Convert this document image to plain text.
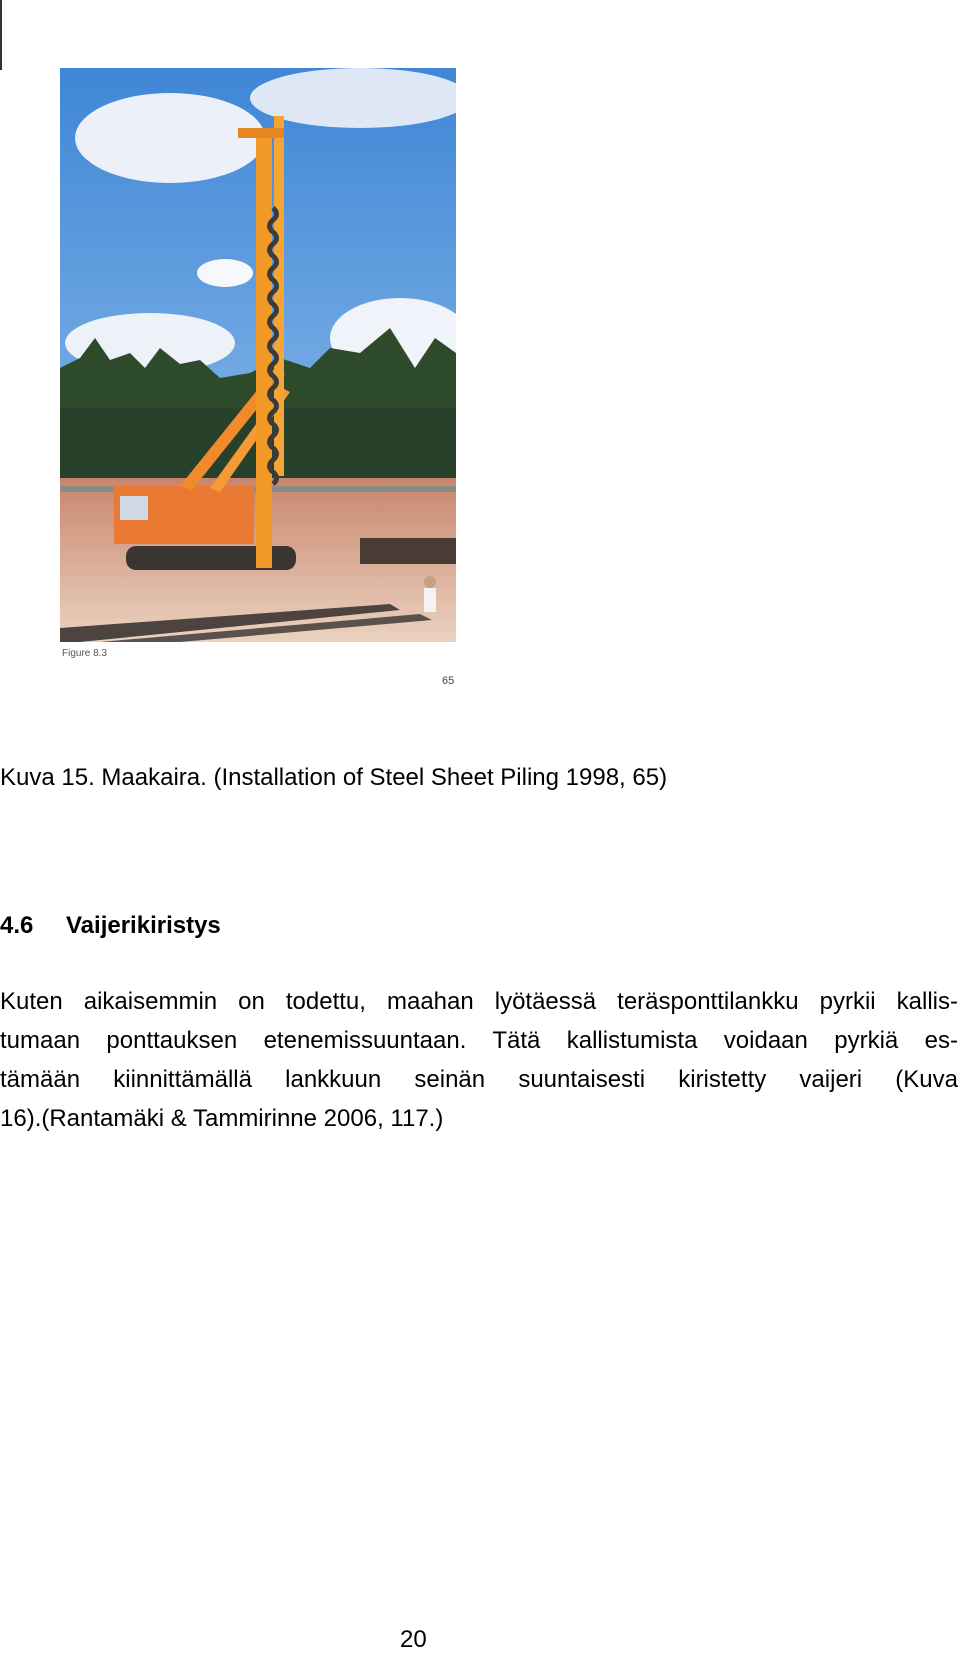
Figure 8.3
65
Kuva 15. Maakaira. (Installation of Steel Sheet Piling 1998, 65)
4.6 Vaijerikiristys
Kuten aikaisemmin on todettu, maahan lyötäessä teräsponttilankku pyrkii kallis-
tumaan ponttauksen etenemissuuntaan. Tätä kallistumista voidaan pyrkiä es-
tämään kiinnittämällä lankkuun seinän suuntaisesti kiristetty vaijeri (Kuva
16).(Rantamäki & Tammirinne 2006, 117.)
20
